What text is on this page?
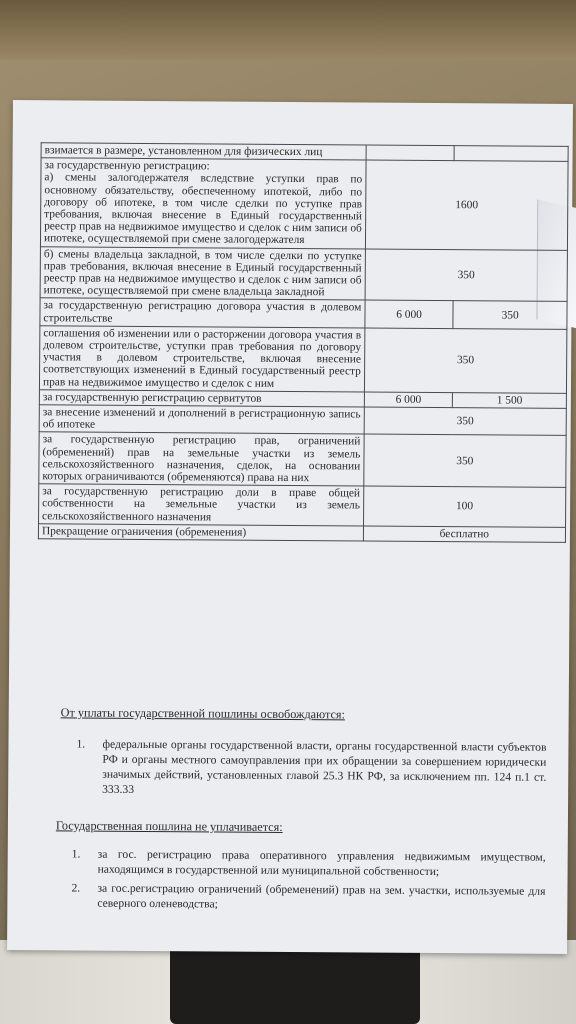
взимается в размере, установленном для физических лиц		
за государственную регистрацию:
а) смены залогодержателя вследствие уступки прав по основному обязательству, обеспеченному ипотекой, либо по договору об ипотеке, в том числе сделки по уступке прав требования, включая внесение в Единый государственный реестр прав на недвижимое имущество и сделок с ним записи об ипотеке, осуществляемой при смене залогодержателя	1600	
б) смены владельца закладной, в том числе сделки по уступке прав требования, включая внесение в Единый государственный реестр прав на недвижимое имущество и сделок с ним записи об ипотеке, осуществляемой при смене владельца закладной	350	
за государственную регистрацию договора участия в долевом строительстве	6 000	350
соглашения об изменении или о расторжении договора участия в долевом строительстве, уступки прав требования по договору участия в долевом строительстве, включая внесение соответствующих изменений в Единый государственный реестр прав на недвижимое имущество и сделок с ним	350	
за государственную регистрацию сервитутов	6 000	1 500
за внесение изменений и дополнений в регистрационную запись об ипотеке	350	
за государственную регистрацию прав, ограничений (обременений) прав на земельные участки из земель сельскохозяйственного назначения, сделок, на основании которых ограничиваются (обременяются) права на них	350	
за государственную регистрацию доли в праве общей собственности на земельные участки из земель сельскохозяйственного назначения	100	
Прекращение ограничения (обременения)	бесплатно	
От уплаты государственной пошлины освобождаются:
1. федеральные органы государственной власти, органы государственной власти субъектов РФ и органы местного самоуправления при их обращении за совершением юридически значимых действий, установленных главой 25.3 НК РФ, за исключением пп. 124 п.1 ст. 333.33
Государственная пошлина не уплачивается:
1. за гос. регистрацию права оперативного управления недвижимым имуществом, находящимся в государственной или муниципальной собственности;
2. за гос.регистрацию ограничений (обременений) прав на зем. участки, используемые для северного оленеводства;
